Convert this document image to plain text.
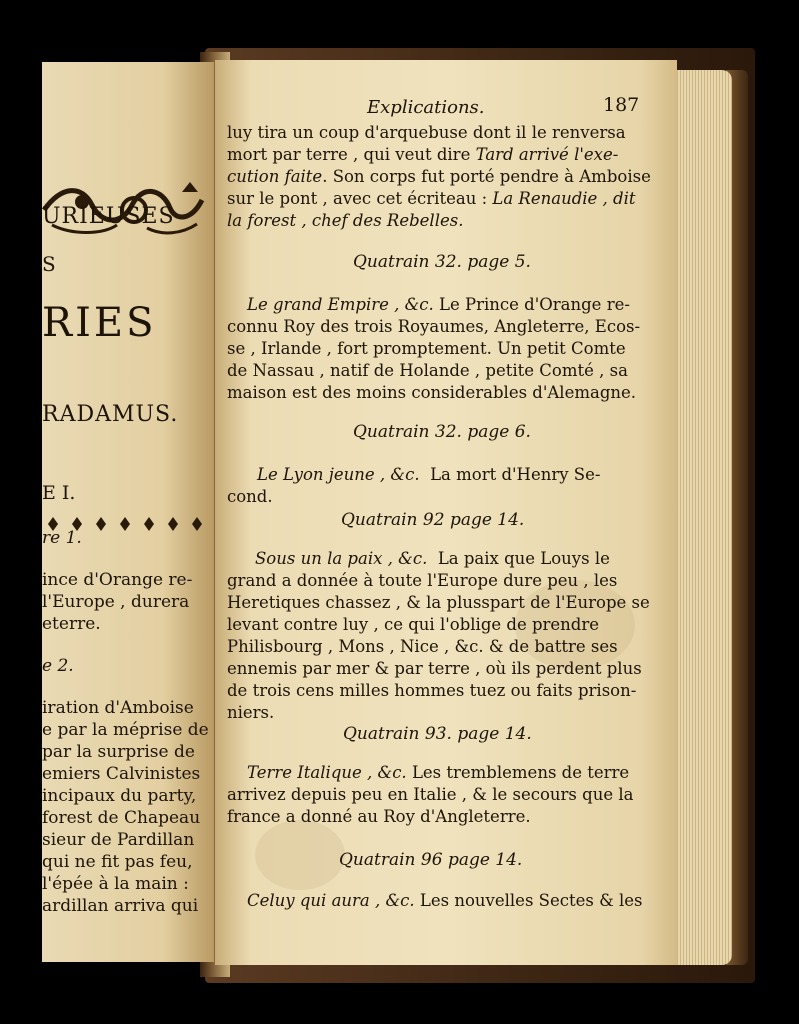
URIEUSES
S
RIES
RADAMUS.
E I.
re 1.
ince d'Orange re-
l'Europe , durera
eterre.
e 2.
iration d'Amboise
e par la méprise de
par la surprise de
emiers Calvinistes
incipaux du party,
forest de Chapeau
sieur de Pardillan
qui ne fit pas feu,
l'épée à la main :
ardillan arriva qui
Explications.	187
luy tira un coup d'arquebuse dont il le renversa
mort par terre , qui veut dire Tard arrivé l'exe-
cution faite. Son corps fut porté pendre à Amboise
sur le pont , avec cet écriteau : La Renaudie , dit
la forest , chef des Rebelles.
Quatrain 32. page 5.
Le grand Empire , &c. Le Prince d'Orange re-
connu Roy des trois Royaumes, Angleterre, Ecos-
se , Irlande , fort promptement. Un petit Comte
de Nassau , natif de Holande , petite Comté , sa
maison est des moins considerables d'Alemagne.
Quatrain 32. page 6.
Le Lyon jeune , &c. La mort d'Henry Se-
cond.
Quatrain 92 page 14.
Sous un la paix , &c. La paix que Louys le
grand a donnée à toute l'Europe dure peu , les
Heretiques chassez , & la plusspart de l'Europe se
levant contre luy , ce qui l'oblige de prendre
Philisbourg , Mons , Nice , &c. & de battre ses
ennemis par mer & par terre , où ils perdent plus
de trois cens milles hommes tuez ou faits prison-
niers.
Quatrain 93. page 14.
Terre Italique , &c. Les tremblemens de terre
arrivez depuis peu en Italie , & le secours que la
france a donné au Roy d'Angleterre.
Quatrain 96 page 14.
Celuy qui aura , &c. Les nouvelles Sectes & les
